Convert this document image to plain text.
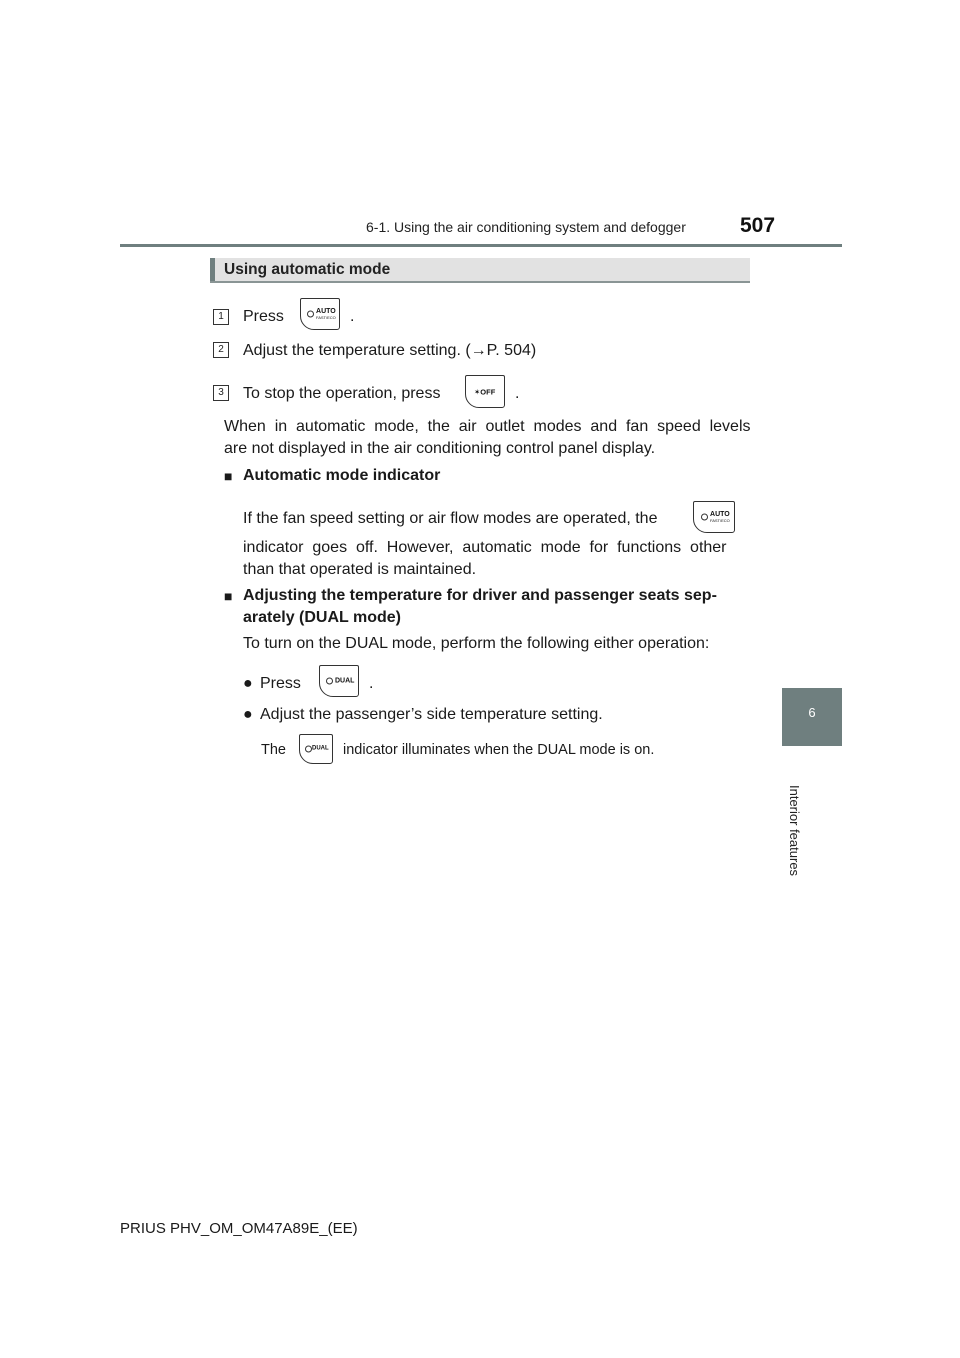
6-1. Using the air conditioning system and defogger	507
6
Interior features
Using automatic mode
1	Press	AUTO
FAST/ECO .
2	Adjust the temperature setting. (→P. 504)
3	To stop the operation, press	✶OFF .
When  in  automatic  mode,  the  air  outlet  modes  and  fan  speed  levels
are not displayed in the air conditioning control panel display.
■ Automatic mode indicator
If the fan speed setting or air flow modes are operated, the	AUTO
FAST/ECO
indicator  goes  off.  However,  automatic  mode  for  functions  other
than that operated is maintained.
■ Adjusting the temperature for driver and passenger seats sep-
arately (DUAL mode)
To turn on the DUAL mode, perform the following either operation:
● Press	DUAL .
● Adjust the passenger’s side temperature setting.
The	DUAL indicator illuminates when the DUAL mode is on.
PRIUS PHV_OM_OM47A89E_(EE)
